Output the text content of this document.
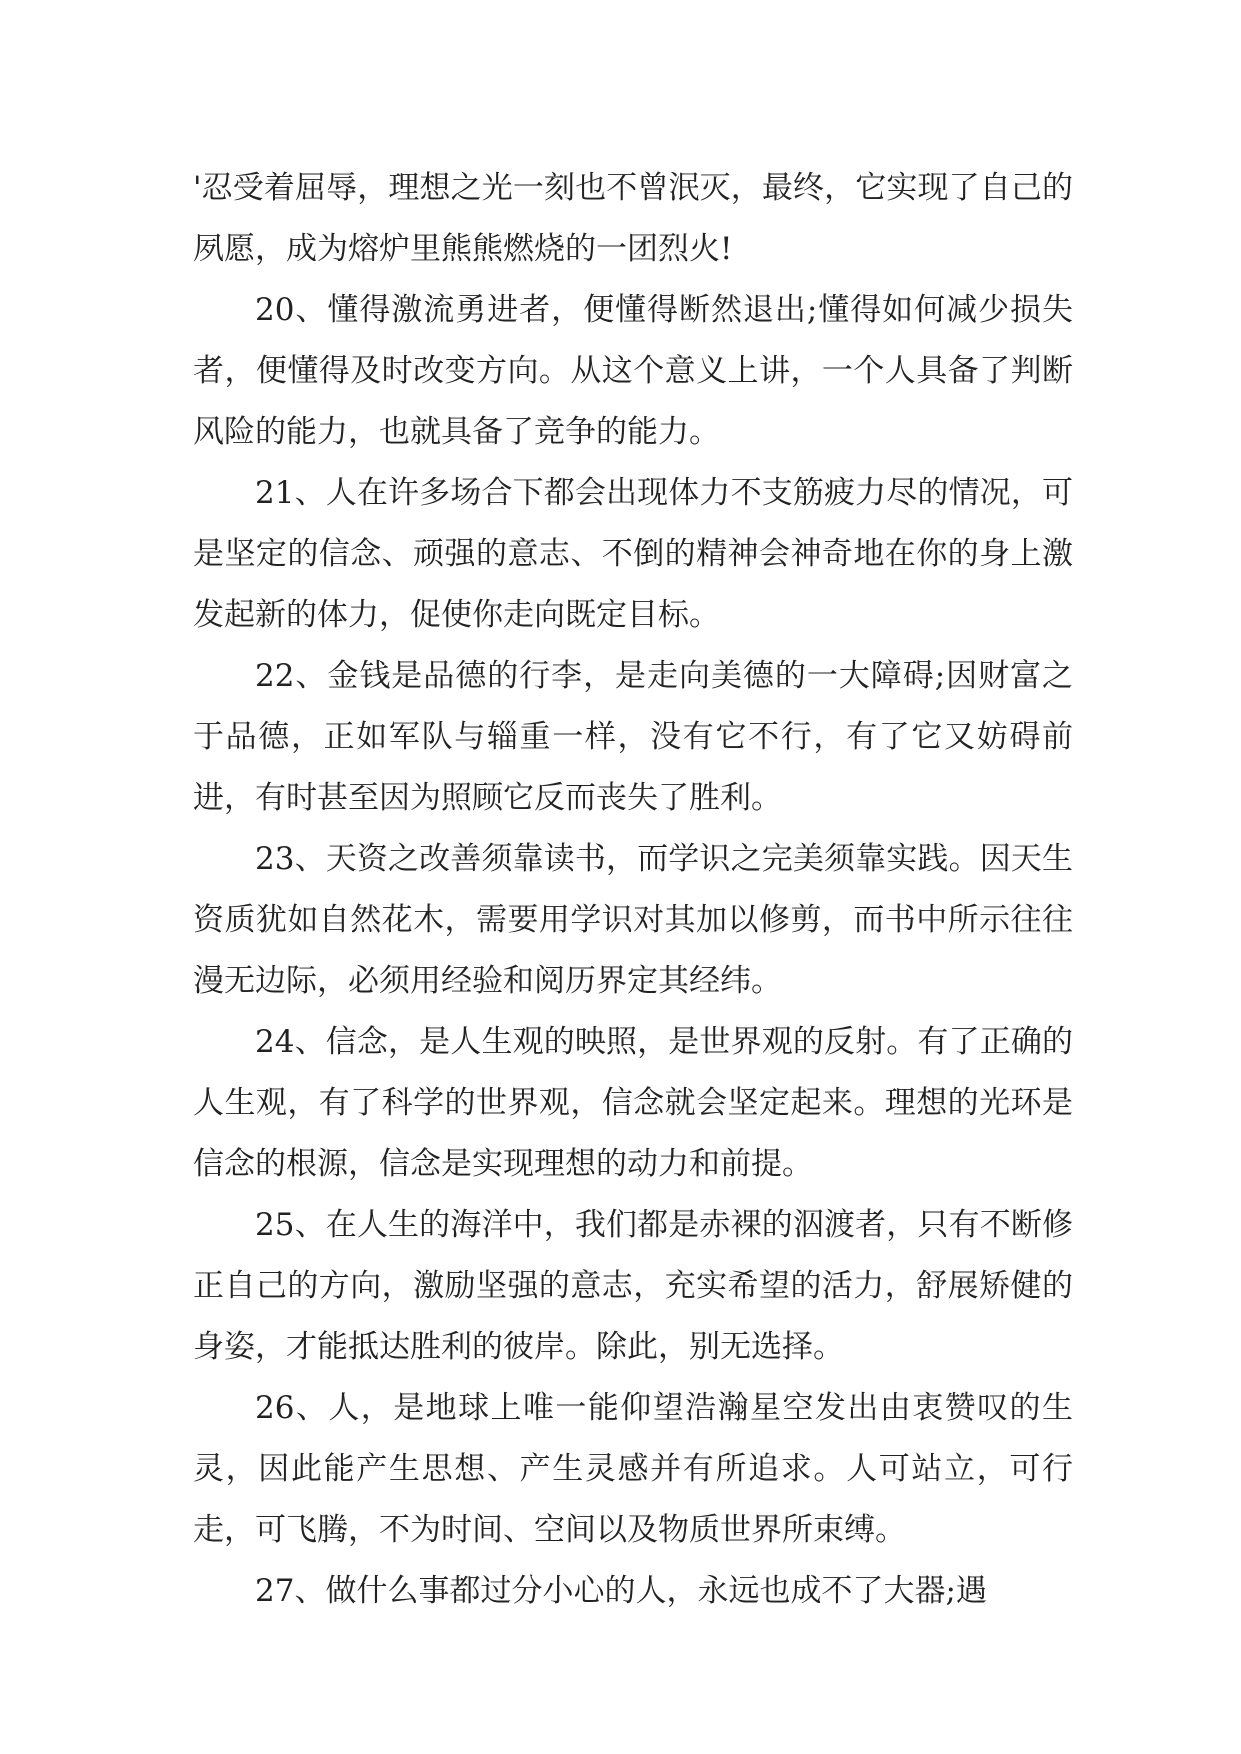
'忍受着屈辱，理想之光一刻也不曾泯灭，最终，它实现了自己的夙愿，成为熔炉里熊熊燃烧的一团烈火!

20、懂得激流勇进者，便懂得断然退出;懂得如何减少损失者，便懂得及时改变方向。从这个意义上讲，一个人具备了判断风险的能力，也就具备了竞争的能力。

21、人在许多场合下都会出现体力不支筋疲力尽的情况，可是坚定的信念、顽强的意志、不倒的精神会神奇地在你的身上激发起新的体力，促使你走向既定目标。

22、金钱是品德的行李，是走向美德的一大障碍;因财富之于品德，正如军队与辎重一样，没有它不行，有了它又妨碍前进，有时甚至因为照顾它反而丧失了胜利。

23、天资之改善须靠读书，而学识之完美须靠实践。因天生资质犹如自然花木，需要用学识对其加以修剪，而书中所示往往漫无边际，必须用经验和阅历界定其经纬。

24、信念，是人生观的映照，是世界观的反射。有了正确的人生观，有了科学的世界观，信念就会坚定起来。理想的光环是信念的根源，信念是实现理想的动力和前提。

25、在人生的海洋中，我们都是赤裸的泅渡者，只有不断修正自己的方向，激励坚强的意志，充实希望的活力，舒展矫健的身姿，才能抵达胜利的彼岸。除此，别无选择。

26、人，是地球上唯一能仰望浩瀚星空发出由衷赞叹的生灵，因此能产生思想、产生灵感并有所追求。人可站立，可行走，可飞腾，不为时间、空间以及物质世界所束缚。

27、做什么事都过分小心的人，永远也成不了大器;遇
